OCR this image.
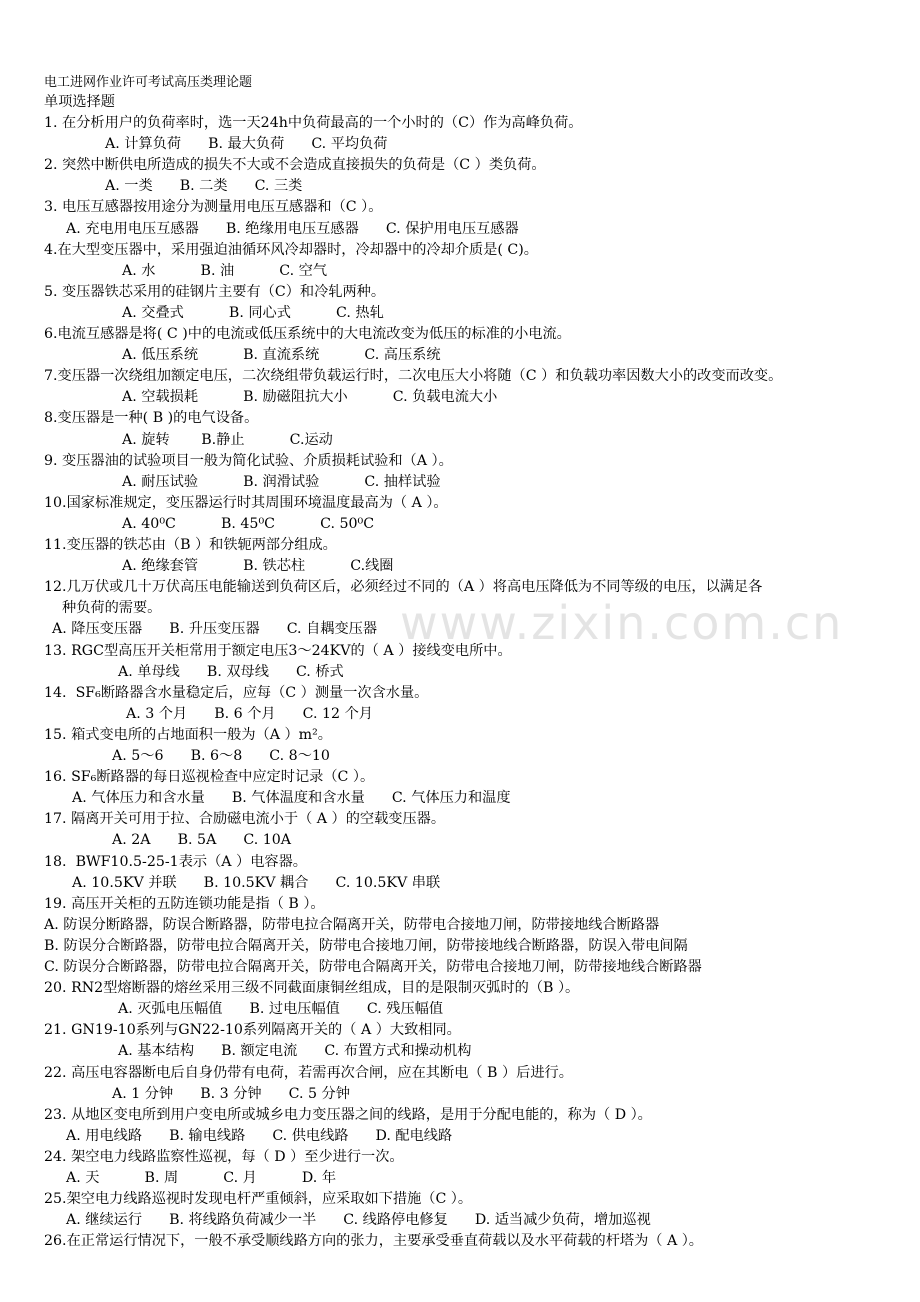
www.zixin.com.cn
电工进网作业许可考试高压类理论题
单项选择题
1. 在分析用户的负荷率时，选一天24h中负荷最高的一个小时的（C）作为高峰负荷。
A. 计算负荷      B. 最大负荷      C. 平均负荷
2. 突然中断供电所造成的损失不大或不会造成直接损失的负荷是（C ）类负荷。
A. 一类      B. 二类      C. 三类
3. 电压互感器按用途分为测量用电压互感器和（C ）。
A. 充电用电压互感器      B. 绝缘用电压互感器      C. 保护用电压互感器
4.在大型变压器中，采用强迫油循环风冷却器时，冷却器中的冷却介质是( C)。
A. 水          B. 油          C. 空气
5. 变压器铁芯采用的硅钢片主要有（C）和冷轧两种。
A. 交叠式          B. 同心式          C. 热轧
6.电流互感器是将( C )中的电流或低压系统中的大电流改变为低压的标准的小电流。
A. 低压系统          B. 直流系统          C. 高压系统
7.变压器一次绕组加额定电压，二次绕组带负载运行时，二次电压大小将随（C ）和负载功率因数大小的改变而改变。
A. 空载损耗          B. 励磁阻抗大小          C. 负载电流大小
8.变压器是一种( B )的电气设备。
A. 旋转       B.静止          C.运动
9. 变压器油的试验项目一般为简化试验、介质损耗试验和（A ）。
A. 耐压试验          B. 润滑试验          C. 抽样试验
10.国家标准规定，变压器运行时其周围环境温度最高为（ A ）。
A. 40⁰C          B. 45⁰C          C. 50⁰C
11.变压器的铁芯由（B ）和铁轭两部分组成。
A. 绝缘套管          B. 铁芯柱          C.线圈
12.几万伏或几十万伏高压电能输送到负荷区后，必须经过不同的（A ）将高电压降低为不同等级的电压，以满足各
种负荷的需要。
A. 降压变压器      B. 升压变压器      C. 自耦变压器
13. RGC型高压开关柜常用于额定电压3～24KV的（ A ）接线变电所中。
A. 单母线      B. 双母线      C. 桥式
14.  SF₆断路器含水量稳定后，应每（C ）测量一次含水量。
A. 3 个月      B. 6 个月      C. 12 个月
15. 箱式变电所的占地面积一般为（A ）m²。
A. 5～6      B. 6～8      C. 8～10
16. SF₆断路器的每日巡视检查中应定时记录（C ）。
A. 气体压力和含水量      B. 气体温度和含水量      C. 气体压力和温度
17. 隔离开关可用于拉、合励磁电流小于（ A ）的空载变压器。
A. 2A      B. 5A      C. 10A
18.  BWF10.5-25-1表示（A ）电容器。
A. 10.5KV 并联      B. 10.5KV 耦合      C. 10.5KV 串联
19. 高压开关柜的五防连锁功能是指（ B ）。
A. 防误分断路器，防误合断路器，防带电拉合隔离开关，防带电合接地刀闸，防带接地线合断路器
B. 防误分合断路器，防带电拉合隔离开关，防带电合接地刀闸，防带接地线合断路器，防误入带电间隔
C. 防误分合断路器，防带电拉合隔离开关，防带电合隔离开关，防带电合接地刀闸，防带接地线合断路器
20. RN2型熔断器的熔丝采用三级不同截面康铜丝组成，目的是限制灭弧时的（B ）。
A. 灭弧电压幅值      B. 过电压幅值      C. 残压幅值
21. GN19-10系列与GN22-10系列隔离开关的（ A ）大致相同。
A. 基本结构      B. 额定电流      C. 布置方式和操动机构
22. 高压电容器断电后自身仍带有电荷，若需再次合闸，应在其断电（ B ）后进行。
A. 1 分钟      B. 3 分钟      C. 5 分钟
23. 从地区变电所到用户变电所或城乡电力变压器之间的线路，是用于分配电能的，称为（ D ）。
A. 用电线路      B. 输电线路      C. 供电线路      D. 配电线路
24. 架空电力线路监察性巡视，每（ D ）至少进行一次。
A. 天          B. 周          C. 月          D. 年
25.架空电力线路巡视时发现电杆严重倾斜，应采取如下措施（C ）。
A. 继续运行      B. 将线路负荷减少一半      C. 线路停电修复      D. 适当减少负荷，增加巡视
26.在正常运行情况下，一般不承受顺线路方向的张力，主要承受垂直荷载以及水平荷载的杆塔为（ A ）。
